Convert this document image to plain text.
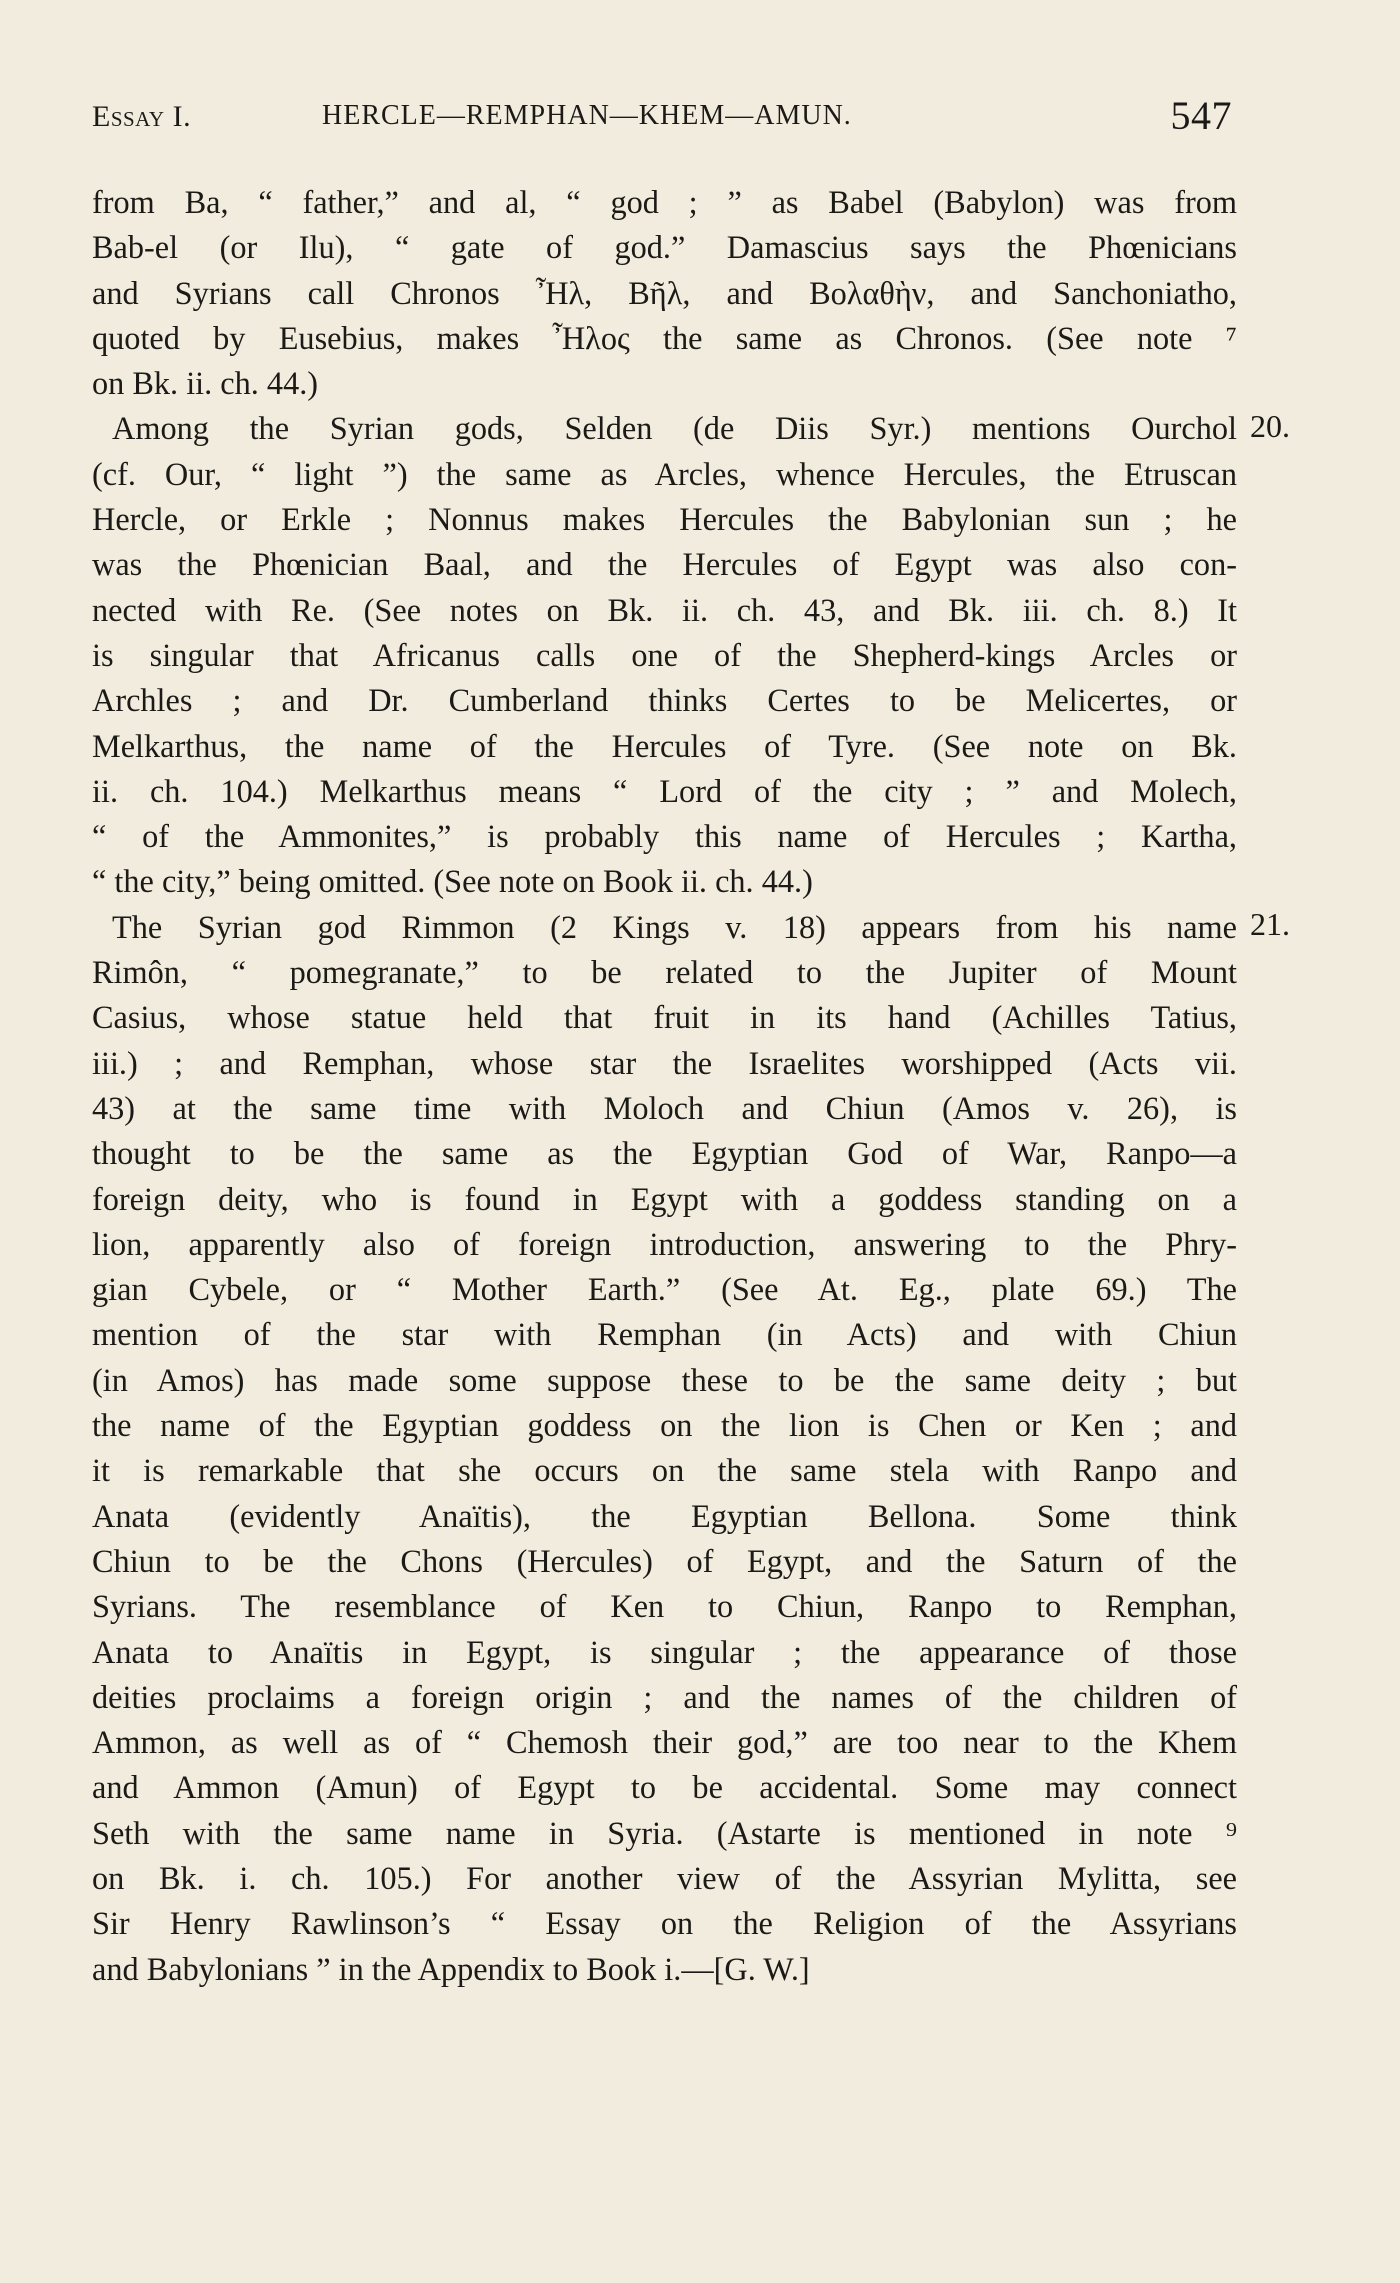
Essay I.	HERCLE—REMPHAN—KHEM—AMUN.	547
20.
21.
from Ba, “ father,” and al, “ god ; ” as Babel (Babylon) was from
Bab-el (or Ilu), “ gate of god.” Damascius says the Phœnicians
and Syrians call Chronos Ἦλ, Βῆλ, and Βολαθὴν, and Sanchoniatho,
quoted by Eusebius, makes Ἦλος the same as Chronos. (See note ⁷
on Bk. ii. ch. 44.)
Among the Syrian gods, Selden (de Diis Syr.) mentions Ourchol
(cf. Our, “ light ”) the same as Arcles, whence Hercules, the Etruscan
Hercle, or Erkle ; Nonnus makes Hercules the Babylonian sun ; he
was the Phœnician Baal, and the Hercules of Egypt was also con-
nected with Re. (See notes on Bk. ii. ch. 43, and Bk. iii. ch. 8.) It
is singular that Africanus calls one of the Shepherd-kings Arcles or
Archles ; and Dr. Cumberland thinks Certes to be Melicertes, or
Melkarthus, the name of the Hercules of Tyre. (See note on Bk.
ii. ch. 104.) Melkarthus means “ Lord of the city ; ” and Molech,
“ of the Ammonites,” is probably this name of Hercules ; Kartha,
“ the city,” being omitted. (See note on Book ii. ch. 44.)
The Syrian god Rimmon (2 Kings v. 18) appears from his name
Rimôn, “ pomegranate,” to be related to the Jupiter of Mount
Casius, whose statue held that fruit in its hand (Achilles Tatius,
iii.) ; and Remphan, whose star the Israelites worshipped (Acts vii.
43) at the same time with Moloch and Chiun (Amos v. 26), is
thought to be the same as the Egyptian God of War, Ranpo—a
foreign deity, who is found in Egypt with a goddess standing on a
lion, apparently also of foreign introduction, answering to the Phry-
gian Cybele, or “ Mother Earth.” (See At. Eg., plate 69.) The
mention of the star with Remphan (in Acts) and with Chiun
(in Amos) has made some suppose these to be the same deity ; but
the name of the Egyptian goddess on the lion is Chen or Ken ; and
it is remarkable that she occurs on the same stela with Ranpo and
Anata (evidently Anaïtis), the Egyptian Bellona. Some think
Chiun to be the Chons (Hercules) of Egypt, and the Saturn of the
Syrians. The resemblance of Ken to Chiun, Ranpo to Remphan,
Anata to Anaïtis in Egypt, is singular ; the appearance of those
deities proclaims a foreign origin ; and the names of the children of
Ammon, as well as of “ Chemosh their god,” are too near to the Khem
and Ammon (Amun) of Egypt to be accidental. Some may connect
Seth with the same name in Syria. (Astarte is mentioned in note ⁹
on Bk. i. ch. 105.) For another view of the Assyrian Mylitta, see
Sir Henry Rawlinson’s “ Essay on the Religion of the Assyrians
and Babylonians ” in the Appendix to Book i.—[G. W.]
